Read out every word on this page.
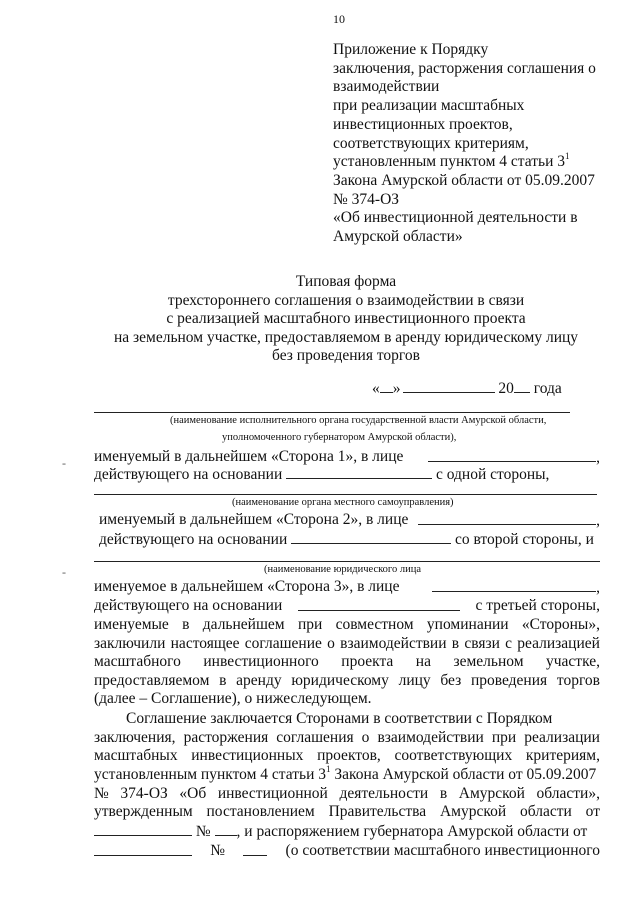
10
Приложение к Порядку
заключения, расторжения соглашения о
взаимодействии
при реализации масштабных
инвестиционных проектов,
соответствующих критериям,
установленным пунктом 4 статьи $3^1$
Закона Амурской области от 05.09.2007
№ 374-ОЗ
«Об инвестиционной деятельности в
Амурской области»
Типовая форма
трехстороннего соглашения о взаимодействии в связи
с реализацией масштабного инвестиционного проекта
на земельном участке, предоставляемом в аренду юридическому лицу
без проведения торгов
« »	20 года
(наименование исполнительного органа государственной власти Амурской области,
уполномоченного губернатором Амурской области),
именуемый в дальнейшем «Сторона 1», в лице	,
действующего на основании	с одной стороны,
(наименование органа местного самоуправления)
именуемый в дальнейшем «Сторона 2», в лице	,
действующего на основании	со второй стороны, и
(наименование юридического лица
именуемое в дальнейшем «Сторона 3», в лице	,
действующего на основании	с третьей стороны,
именуемые в дальнейшем при совместном упоминании «Стороны»,
заключили настоящее соглашение о взаимодействии в связи с реализацией
масштабного инвестиционного проекта на земельном участке,
предоставляемом в аренду юридическому лицу без проведения торгов
(далее – Соглашение), о нижеследующем.
Соглашение заключается Сторонами в соответствии с Порядком
заключения, расторжения соглашения о взаимодействии при реализации
масштабных инвестиционных проектов, соответствующих критериям,
установленным пунктом 4 статьи $3^1$ Закона Амурской области от 05.09.2007
№ 374-ОЗ «Об инвестиционной деятельности в Амурской области»,
утвержденным постановлением Правительства Амурской области от
№ , и распоряжением губернатора Амурской области от
№	(о соответствии масштабного инвестиционного
-
-
